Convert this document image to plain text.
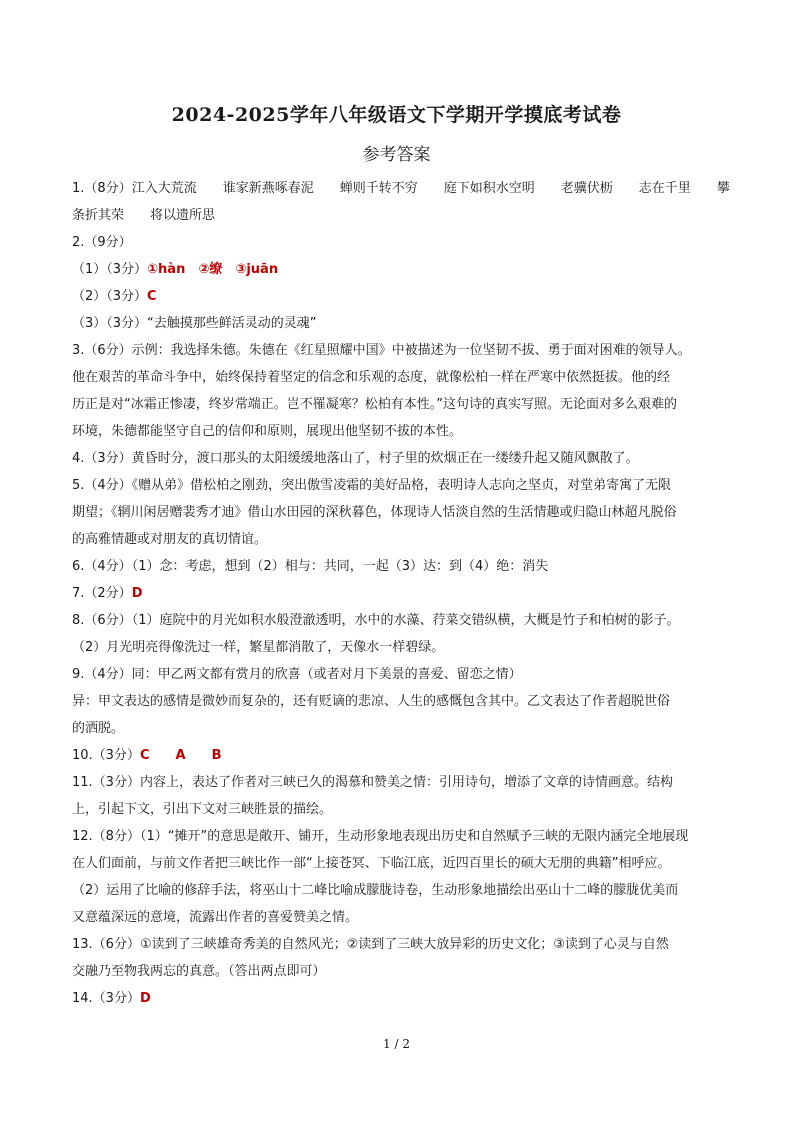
2024-2025学年八年级语文下学期开学摸底考试卷
参考答案

1.（8分）江入大荒流 谁家新燕啄春泥 蝉则千转不穷 庭下如积水空明 老骥伏枥 志在千里 攀条折其荣 将以遗所思

2.（9分）

（1）（3分）①hàn　②缭　③juān

（2）（3分）C

（3）（3分）“去触摸那些鲜活灵动的灵魂”

3.（6分）示例：我选择朱德。朱德在《红星照耀中国》中被描述为一位坚韧不拔、勇于面对困难的领导人。

他在艰苦的革命斗争中，始终保持着坚定的信念和乐观的态度，就像松柏一样在严寒中依然挺拔。他的经

历正是对“冰霜正惨凄，终岁常端正。岂不罹凝寒？松柏有本性。”这句诗的真实写照。无论面对多么艰难的

环境，朱德都能坚守自己的信仰和原则，展现出他坚韧不拔的本性。

4.（3分）黄昏时分，渡口那头的太阳缓缓地落山了，村子里的炊烟正在一缕缕升起又随风飘散了。

5.（4分）《赠从弟》借松柏之刚劲，突出傲雪凌霜的美好品格，表明诗人志向之坚贞，对堂弟寄寓了无限

期望；《辋川闲居赠裴秀才迪》借山水田园的深秋暮色，体现诗人恬淡自然的生活情趣或归隐山林超凡脱俗

的高雅情趣或对朋友的真切情谊。

6.（4分）（1）念：考虑，想到（2）相与：共同，一起（3）达：到（4）绝：消失

7.（2分）D

8.（6分）（1）庭院中的月光如积水般澄澈透明，水中的水藻、荇菜交错纵横，大概是竹子和柏树的影子。

（2）月光明亮得像洗过一样，繁星都消散了，天像水一样碧绿。

9.（4分）同：甲乙两文都有赏月的欣喜（或者对月下美景的喜爱、留恋之情）

异：甲文表达的感情是微妙而复杂的，还有贬谪的悲凉、人生的感慨包含其中。乙文表达了作者超脱世俗

的洒脱。

10.（3分）C A B

11.（3分）内容上，表达了作者对三峡已久的渴慕和赞美之情：引用诗句，增添了文章的诗情画意。结构

上，引起下文，引出下文对三峡胜景的描绘。

12.（8分）（1）“摊开”的意思是敞开、铺开，生动形象地表现出历史和自然赋予三峡的无限内涵完全地展现

在人们面前，与前文作者把三峡比作一部“上接苍冥、下临江底，近四百里长的硕大无朋的典籍”相呼应。

（2）运用了比喻的修辞手法，将巫山十二峰比喻成朦胧诗卷，生动形象地描绘出巫山十二峰的朦胧优美而

又意蕴深远的意境，流露出作者的喜爱赞美之情。

13.（6分）①读到了三峡雄奇秀美的自然风光；②读到了三峡大放异彩的历史文化；③读到了心灵与自然

交融乃至物我两忘的真意。（答出两点即可）

14.（3分）D

1 / 2
